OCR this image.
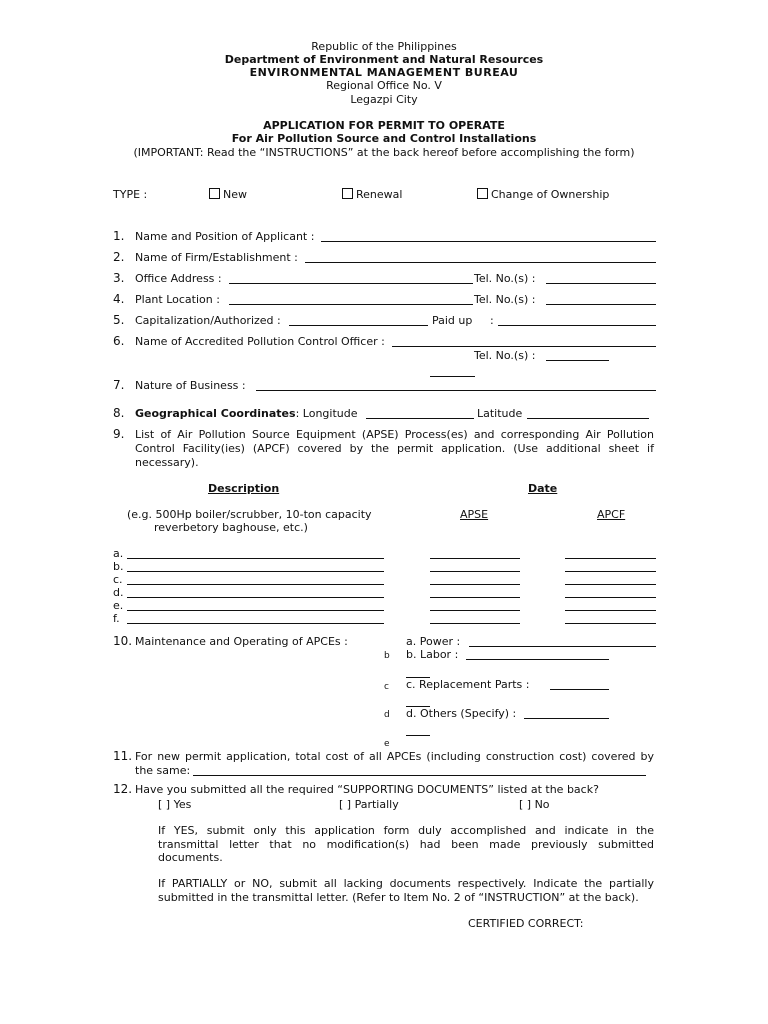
Republic of the Philippines
Department of Environment and Natural Resources
ENVIRONMENTAL MANAGEMENT BUREAU
Regional Office No. V
Legazpi City
APPLICATION FOR PERMIT TO OPERATE
For Air Pollution Source and Control Installations
(IMPORTANT: Read the “INSTRUCTIONS” at the back hereof before accomplishing the form)
TYPE :	New	Renewal	Change of Ownership
1. Name and Position of Applicant :
2. Name of Firm/Establishment :
3. Office Address :	Tel. No.(s) :
4. Plant Location :	Tel. No.(s) :
5. Capitalization/Authorized :	Paid up :
6. Name of Accredited Pollution Control Officer :
Tel. No.(s) :
7. Nature of Business :
8. Geographical Coordinates: Longitude	Latitude
9. List of Air Pollution Source Equipment (APSE) Process(es) and corresponding Air Pollution
Control Facility(ies) (APCF) covered by the permit application. (Use additional sheet if
necessary).
Description	Date
(e.g. 500Hp boiler/scrubber, 10-ton capacity
reverbetory baghouse, etc.)
APSE	APCF
a.
b.
c.
d.
e.
f.
10. Maintenance and Operating of APCEs :	a. Power :
b b. Labor :
c c. Replacement Parts :
d d. Others (Specify) :
e
11. For new permit application, total cost of all APCEs (including construction cost) covered by
the same:
12. Have you submitted all the required “SUPPORTING DOCUMENTS” listed at the back?
[ ] Yes	[ ] Partially	[ ] No
If YES, submit only this application form duly accomplished and indicate in the transmittal letter that no modification(s) had been made previously submitted documents.
If PARTIALLY or NO, submit all lacking documents respectively. Indicate the partially submitted in the transmittal letter. (Refer to Item No. 2 of “INSTRUCTION” at the back).
CERTIFIED CORRECT:
